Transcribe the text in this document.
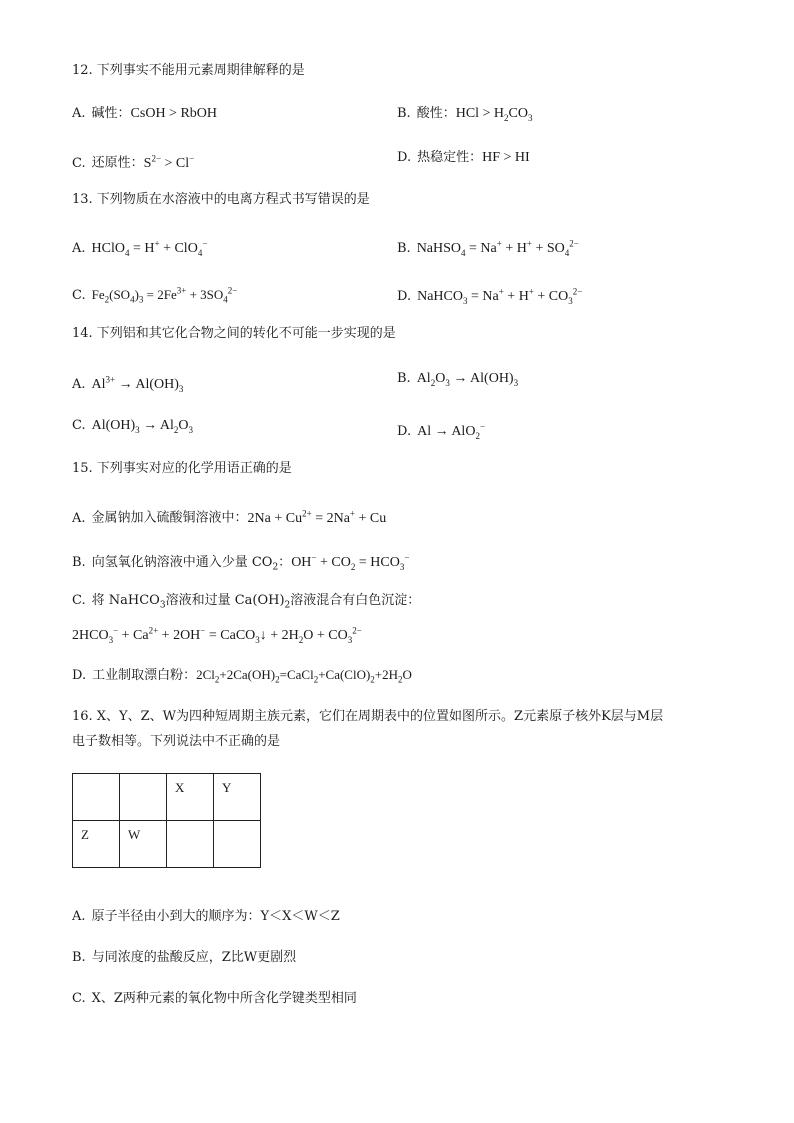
12. 下列事实不能用元素周期律解释的是
A. 碱性：CsOH > RbOH	B. 酸性：HCl > $H_2CO_3$
C. 还原性：$S^{2-} > Cl^-$	D. 热稳定性：HF > HI
13. 下列物质在水溶液中的电离方程式书写错误的是
A. HClO$_4$ = H+ + ClO$_4$−	B. NaHSO$_4$ = $Na^+ + H^+ + SO_4^{2-}$
C. $Fe_2(SO_4)_3 = 2Fe^{3+} + 3SO_4^{2-}$	D. NaHCO$_3$ = $Na^+ + H^+ + CO_3^{2-}$
14. 下列铝和其它化合物之间的转化不可能一步实现的是
A. $Al^{3+} \to Al(OH)_3$
B. $Al_2O_3 \to Al(OH)_3$
C. $Al(OH)_3 \to Al_2O_3$	D. Al → AlO$_2$−
15. 下列事实对应的化学用语正确的是
A. 金属钠加入硫酸铜溶液中：$2Na + Cu^{2+} = 2Na^+ + Cu$
B. 向氢氧化钠溶液中通入少量 $CO_2$：$OH^- + CO_2 = HCO_3^-$
C. 将 NaHCO$_3$溶液和过量 $Ca(OH)_2$溶液混合有白色沉淀：
$2HCO_3^- + Ca^{2+} + 2OH^-$ = CaCO$_3$↓ + $2H_2O + CO_3^{2-}$
D. 工业制取漂白粉：$2Cl_2+2Ca(OH)_2=CaCl_2+Ca(ClO)_2+2H_2O$
16. X、Y、Z、W为四种短周期主族元素，它们在周期表中的位置如图所示。Z元素原子核外K层与M层
电子数相等。下列说法中不正确的是
		X	Y
Z	W		
A. 原子半径由小到大的顺序为：Y＜X＜W＜Z
B. 与同浓度的盐酸反应，Z比W更剧烈
C. X、Z两种元素的氧化物中所含化学键类型相同
